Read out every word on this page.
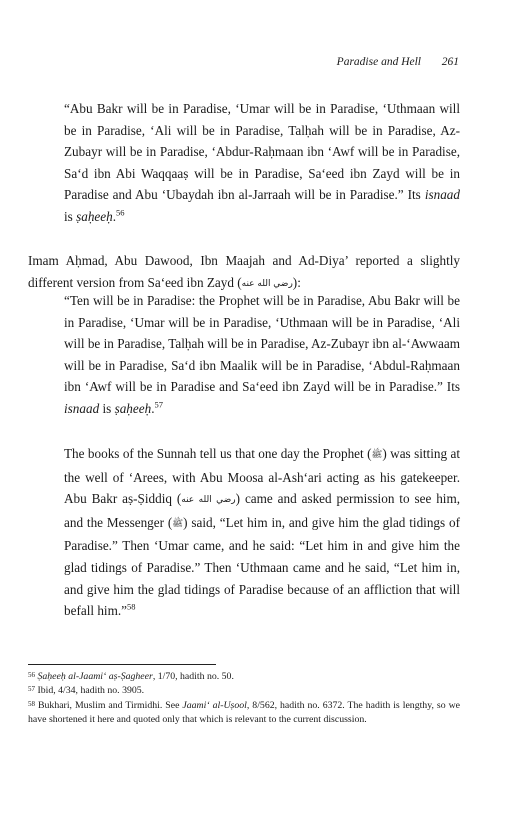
Paradise and Hell 261
“Abu Bakr will be in Paradise, ‘Umar will be in Paradise, ‘Uthmaan will be in Paradise, ‘Ali will be in Paradise, Talḥah will be in Paradise, Az-Zubayr will be in Paradise, ‘Abdur-Raḥmaan ibn ‘Awf will be in Paradise, Sa‘d ibn Abi Waqqaaṣ will be in Paradise, Sa‘eed ibn Zayd will be in Paradise and Abu ‘Ubaydah ibn al-Jarraah will be in Paradise.” Its isnaad is ṣaḥeeḥ.$^{56}$
Imam Aḥmad, Abu Dawood, Ibn Maajah and Ad-Diya’ reported a slightly different version from Sa‘eed ibn Zayd (رضي الله عنه):
“Ten will be in Paradise: the Prophet will be in Paradise, Abu Bakr will be in Paradise, ‘Umar will be in Paradise, ‘Uthmaan will be in Paradise, ‘Ali will be in Paradise, Talḥah will be in Paradise, Az-Zubayr ibn al-‘Awwaam will be in Paradise, Sa‘d ibn Maalik will be in Paradise, ‘Abdul-Raḥmaan ibn ‘Awf will be in Paradise and Sa‘eed ibn Zayd will be in Paradise.” Its isnaad is ṣaḥeeḥ.$^{57}$
The books of the Sunnah tell us that one day the Prophet (ﷺ) was sitting at the well of ‘Arees, with Abu Moosa al-Ash‘ari acting as his gatekeeper. Abu Bakr aṣ-Ṣiddiq (رضي الله عنه) came and asked permission to see him, and the Messenger (ﷺ) said, “Let him in, and give him the glad tidings of Paradise.” Then ‘Umar came, and he said: “Let him in and give him the glad tidings of Paradise.” Then ‘Uthmaan came and he said, “Let him in, and give him the glad tidings of Paradise because of an affliction that will befall him.”$^{58}$

$^{56}$ Ṣaḥeeḥ al-Jaami‘ aṣ-Ṣagheer, 1/70, hadith no. 50.

$^{57}$ Ibid, 4/34, hadith no. 3905.

$^{58}$ Bukhari, Muslim and Tirmidhi. See Jaami‘ al-Uṣool, 8/562, hadith no. 6372. The hadith is lengthy, so we have shortened it here and quoted only that which is relevant to the current discussion.
